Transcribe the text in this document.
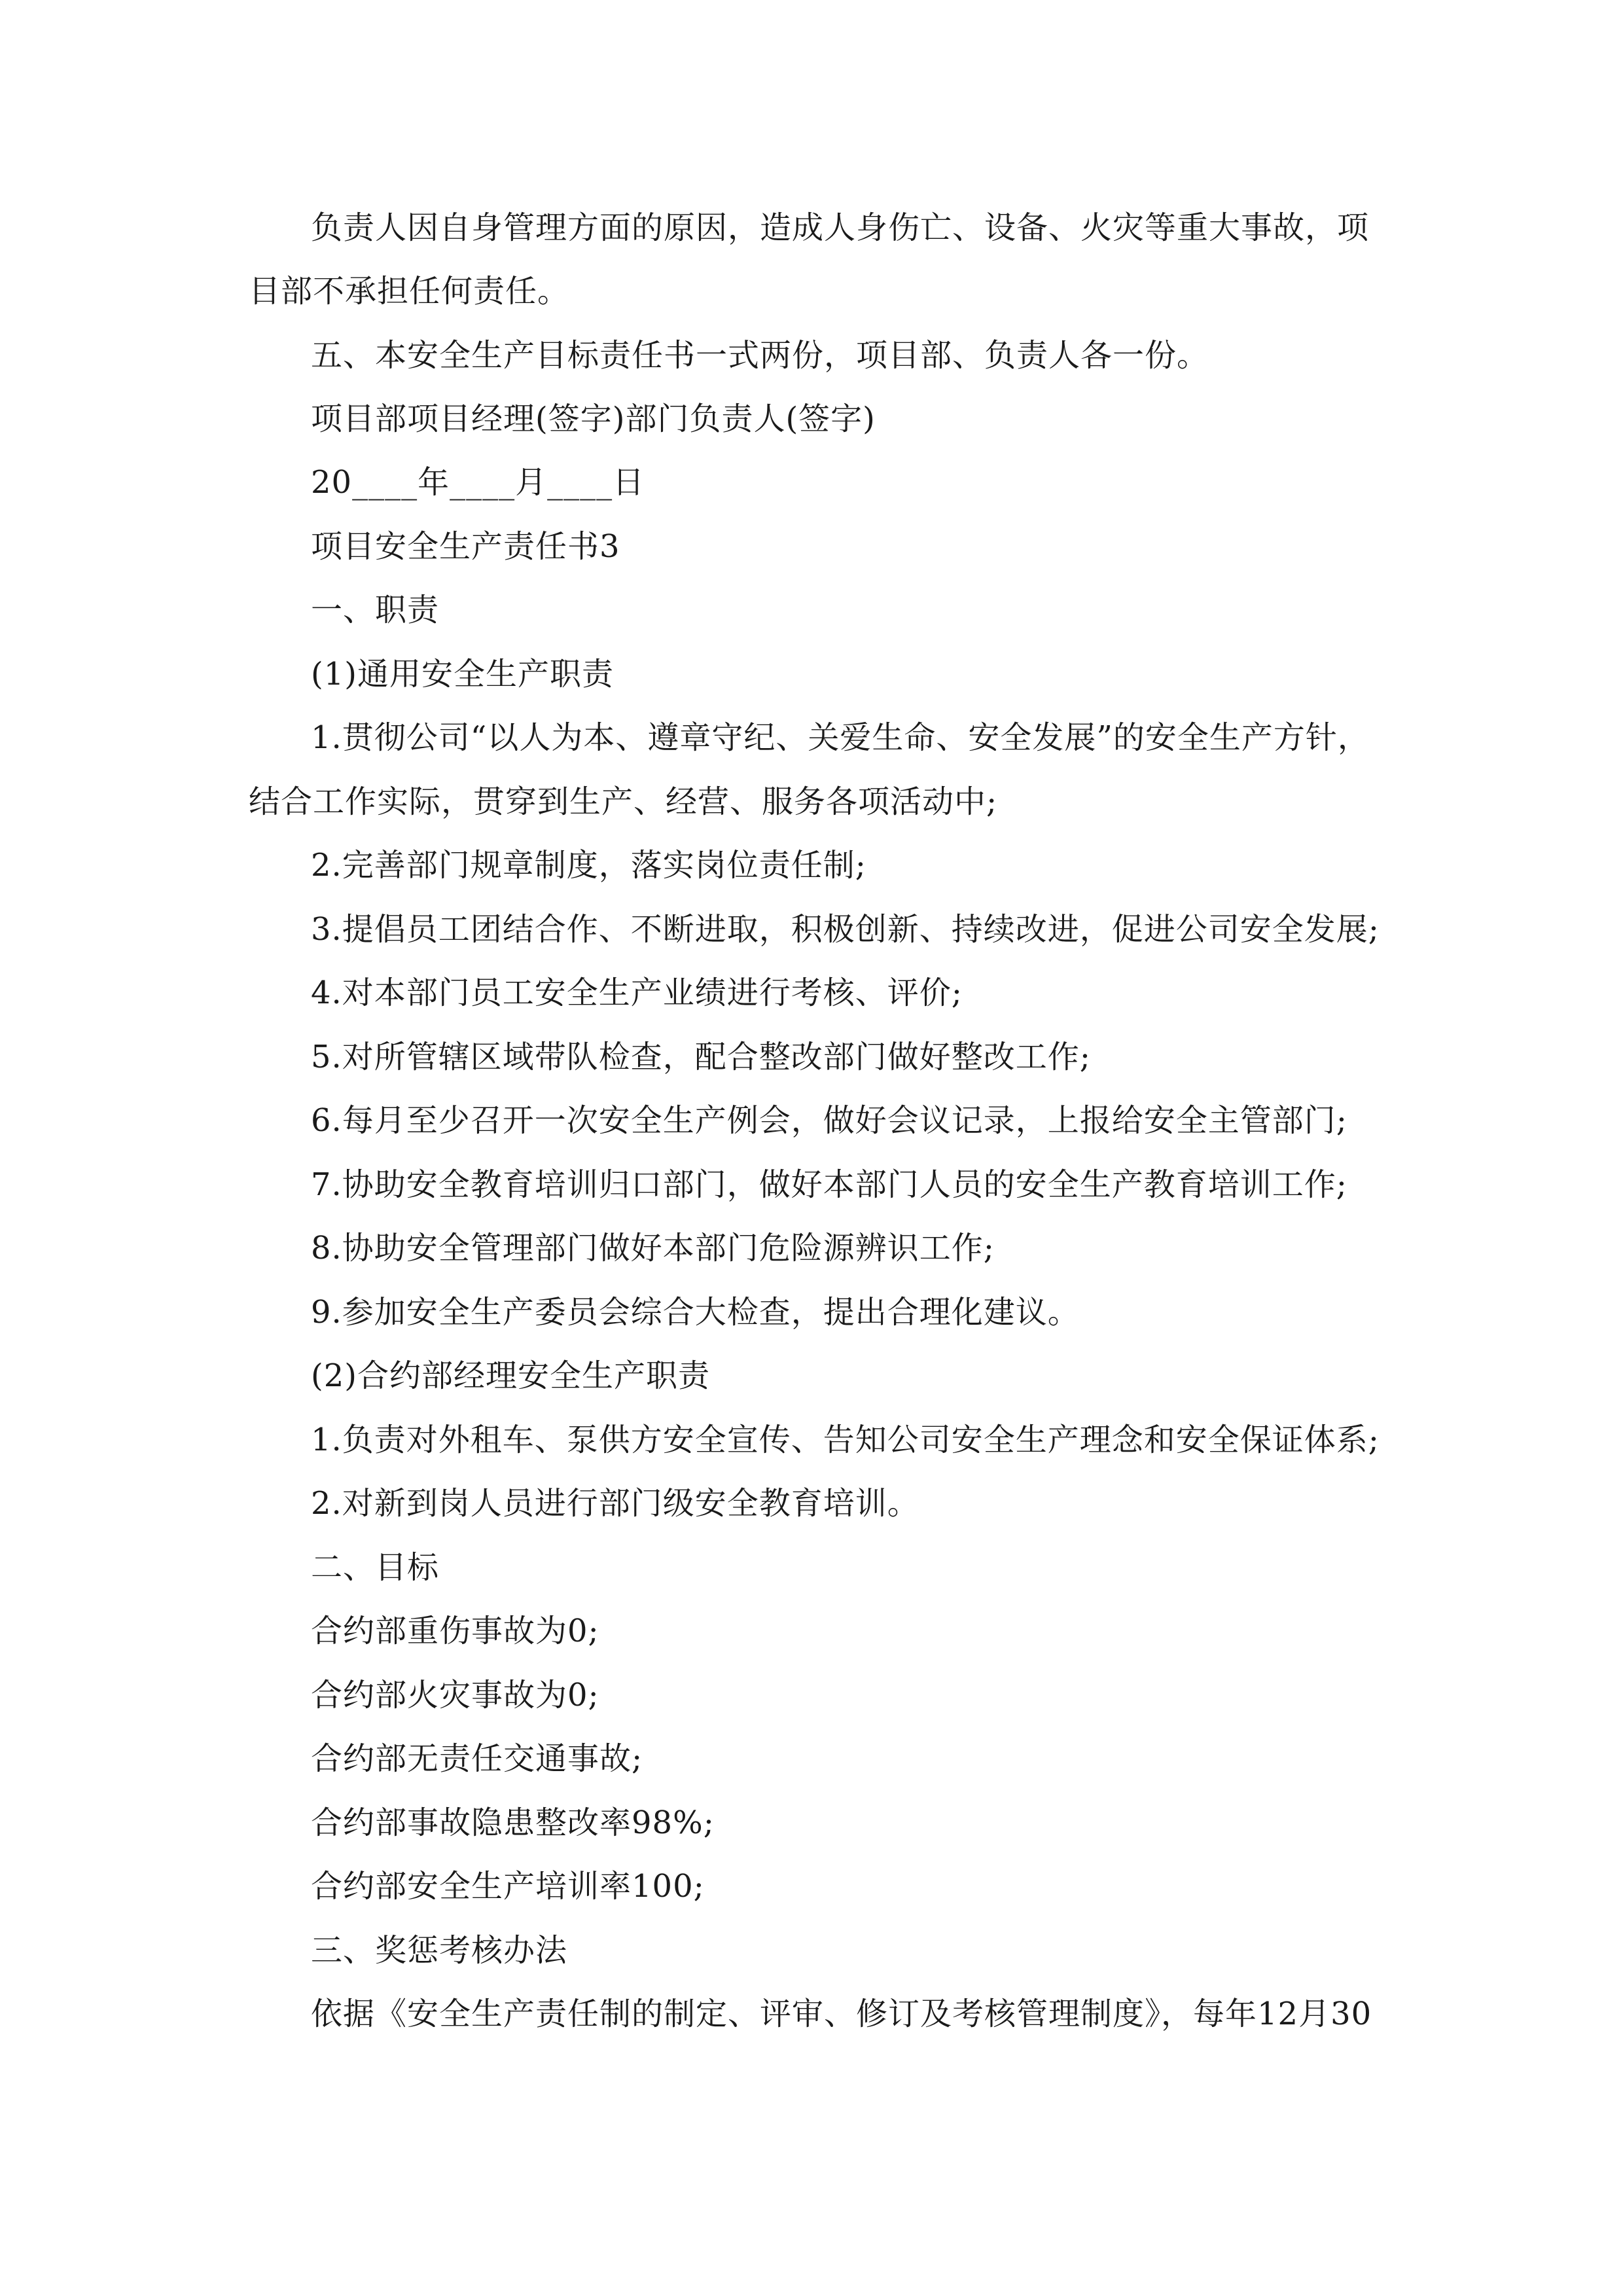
负责人因自身管理方面的原因，造成人身伤亡、设备、火灾等重大事故，项
目部不承担任何责任。
五、本安全生产目标责任书一式两份，项目部、负责人各一份。
项目部项目经理(签字)部门负责人(签字)
20____年____月____日
项目安全生产责任书3
一、职责
(1)通用安全生产职责
1.贯彻公司“以人为本、遵章守纪、关爱生命、安全发展”的安全生产方针，
结合工作实际，贯穿到生产、经营、服务各项活动中;
2.完善部门规章制度，落实岗位责任制;
3.提倡员工团结合作、不断进取，积极创新、持续改进，促进公司安全发展;
4.对本部门员工安全生产业绩进行考核、评价;
5.对所管辖区域带队检查，配合整改部门做好整改工作;
6.每月至少召开一次安全生产例会，做好会议记录，上报给安全主管部门;
7.协助安全教育培训归口部门，做好本部门人员的安全生产教育培训工作;
8.协助安全管理部门做好本部门危险源辨识工作;
9.参加安全生产委员会综合大检查，提出合理化建议。
(2)合约部经理安全生产职责
1.负责对外租车、泵供方安全宣传、告知公司安全生产理念和安全保证体系;
2.对新到岗人员进行部门级安全教育培训。
二、目标
合约部重伤事故为0;
合约部火灾事故为0;
合约部无责任交通事故;
合约部事故隐患整改率98%;
合约部安全生产培训率100;
三、奖惩考核办法
依据《安全生产责任制的制定、评审、修订及考核管理制度》，每年12月30
